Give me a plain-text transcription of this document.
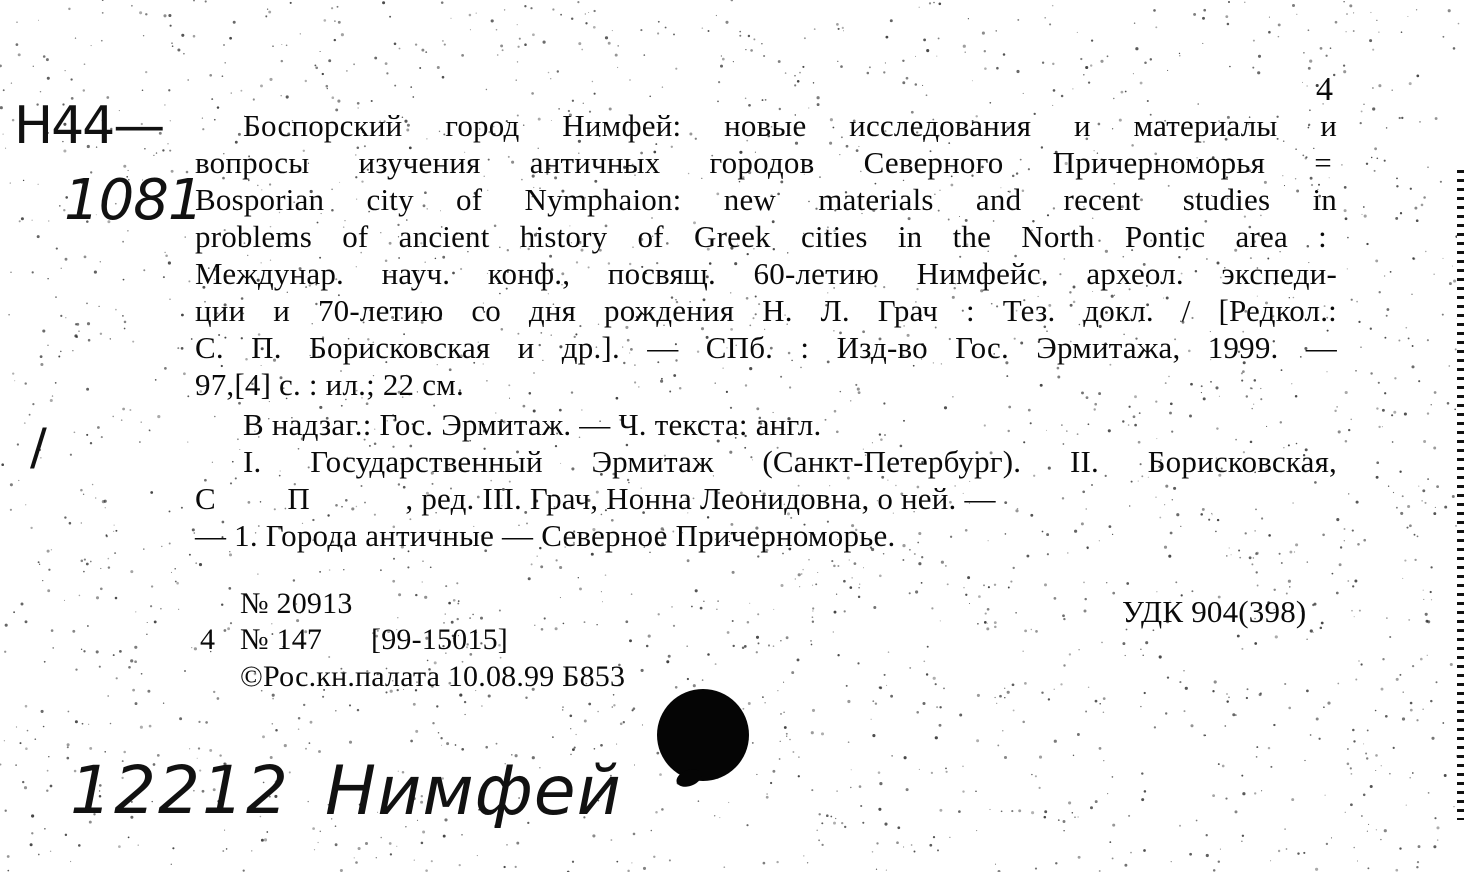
Н44—
1081
/
4
Боспорский город Нимфей: новые исследования и материалы и
вопросы изучения античных городов Северного Причерноморья =
Bosporian city of Nymphaion: new materials and recent studies in
problems of ancient history of Greek cities in the North Pontic area :
Междунар. науч. конф., посвящ. 60-летию Нимфейс. археол. экспеди-
ции и 70-летию со дня рождения Н. Л. Грач : Тез. докл. / [Редкол.:
С. П. Борисковская и др.]. — СПб. : Изд-во Гос. Эрмитажа, 1999. —
97,[4] с. : ил.; 22 см.
В надзаг.: Гос. Эрмитаж. — Ч. текста: англ.
I. Государственный Эрмитаж (Санкт-Петербург). II. Борисковская,
С         П            , ред. III. Грач, Нонна Леонидовна, о ней. —
— 1. Города античные — Северное Причерноморье.
№ 20913	УДК 904(398)
4 № 147 [99-15015]
©Рос.кн.палата 10.08.99 Б853
12212 Нимфей
